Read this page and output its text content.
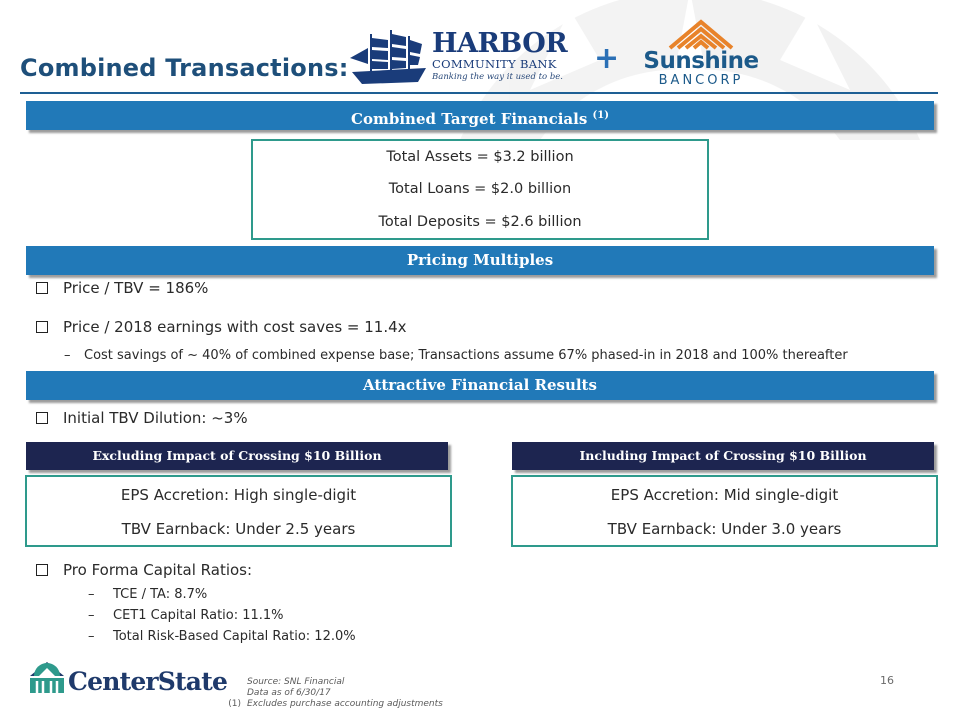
Combined Transactions:
HARBOR
COMMUNITY BANK
Banking the way it used to be.
+ Sunshine
BANCORP
Combined Target Financials $^{(1)}$
Total Assets = $3.2 billion
Total Loans = $2.0 billion
Total Deposits = $2.6 billion
Pricing Multiples
Price / TBV = 186%
Price / 2018 earnings with cost saves = 11.4x
– Cost savings of ~ 40% of combined expense base; Transactions assume 67% phased-in in 2018 and 100% thereafter
Attractive Financial Results
Initial TBV Dilution: ~3%
Excluding Impact of Crossing $10 Billion	Including Impact of Crossing $10 Billion
EPS Accretion: High single-digit
TBV Earnback: Under 2.5 years
EPS Accretion: Mid single-digit
TBV Earnback: Under 3.0 years
Pro Forma Capital Ratios:
– TCE / TA: 8.7%
– CET1 Capital Ratio: 11.1%
– Total Risk-Based Capital Ratio: 12.0%
CenterState	Source: SNL Financial
Data as of 6/30/17
(1) Excludes purchase accounting adjustments
16
